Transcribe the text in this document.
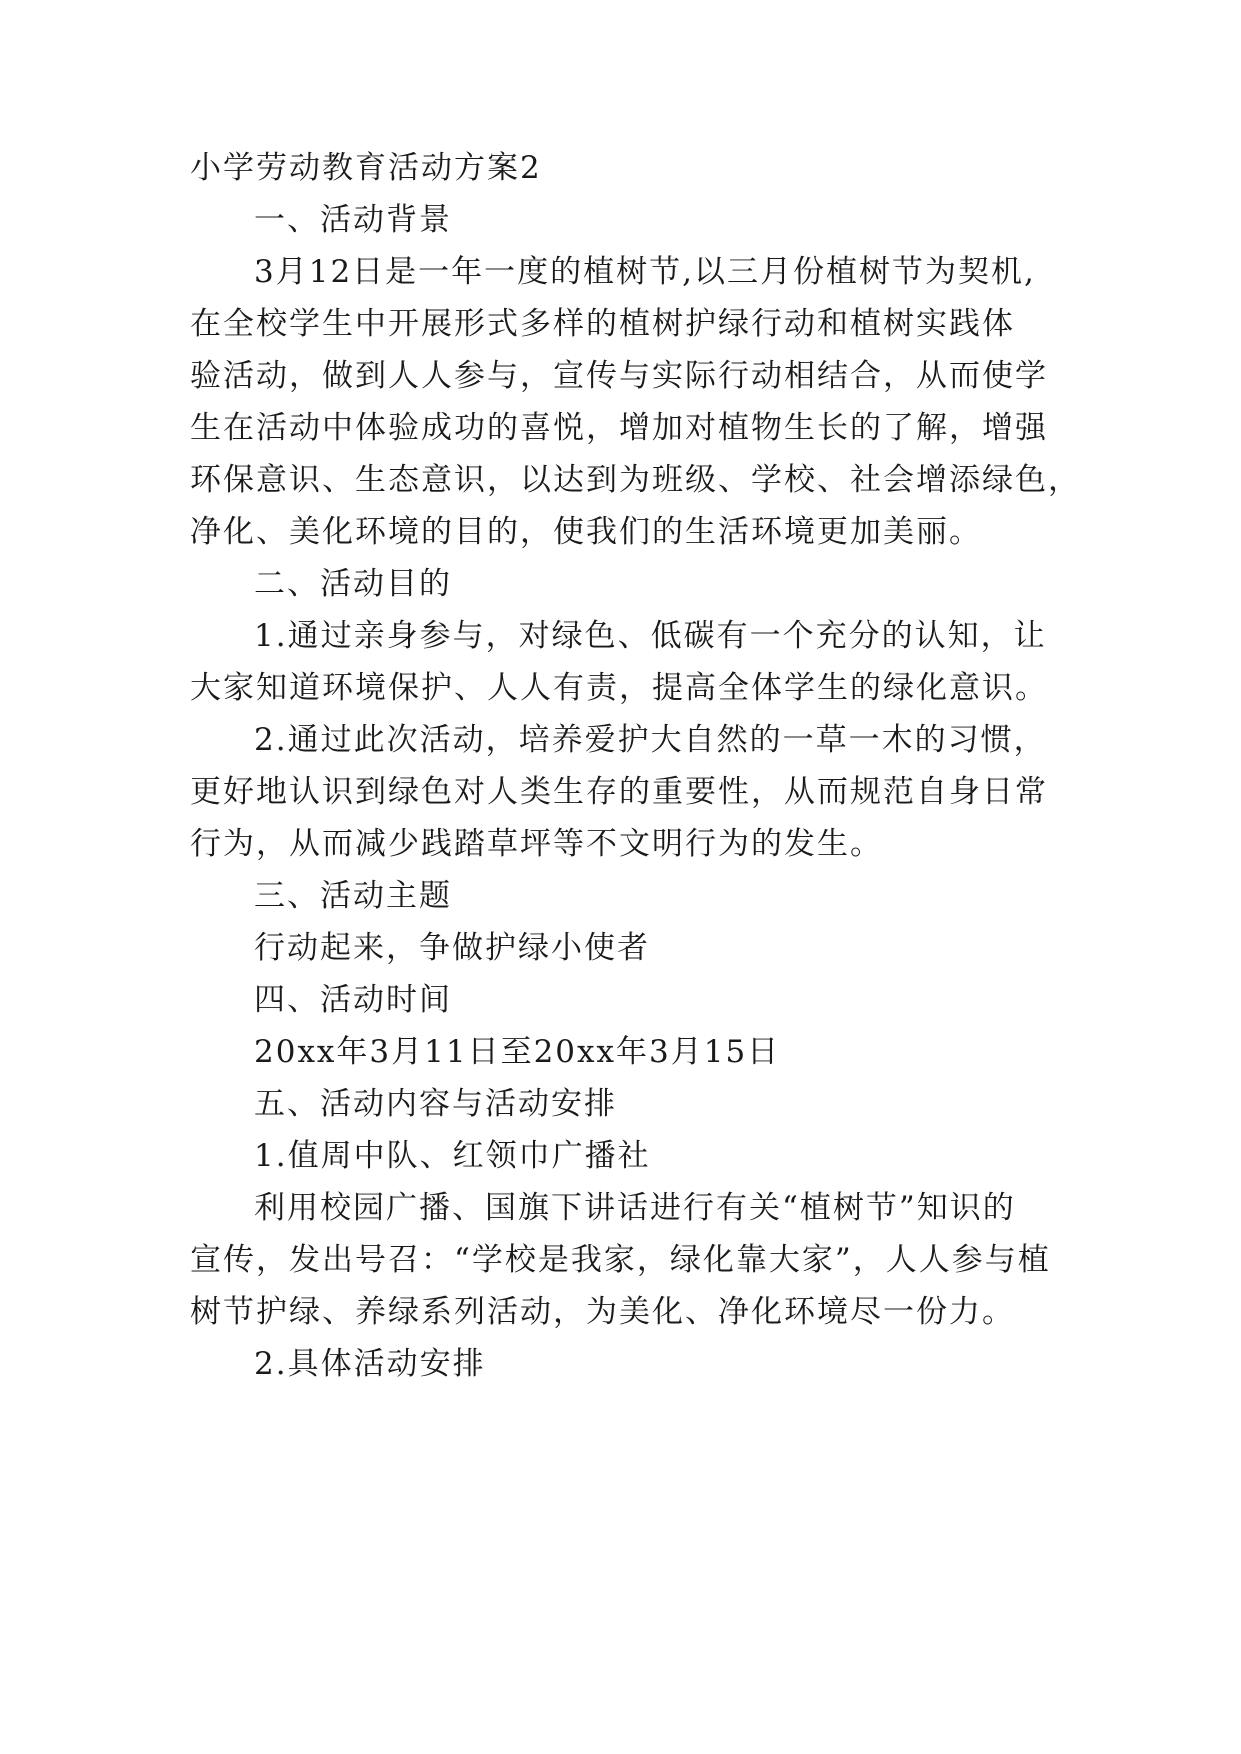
小学劳动教育活动方案2
一、活动背景
3月12日是一年一度的植树节,以三月份植树节为契机,
在全校学生中开展形式多样的植树护绿行动和植树实践体
验活动，做到人人参与，宣传与实际行动相结合，从而使学
生在活动中体验成功的喜悦，增加对植物生长的了解，增强
环保意识、生态意识，以达到为班级、学校、社会增添绿色，
净化、美化环境的目的，使我们的生活环境更加美丽。
二、活动目的
1.通过亲身参与，对绿色、低碳有一个充分的认知，让
大家知道环境保护、人人有责，提高全体学生的绿化意识。
2.通过此次活动，培养爱护大自然的一草一木的习惯，
更好地认识到绿色对人类生存的重要性，从而规范自身日常
行为，从而减少践踏草坪等不文明行为的发生。
三、活动主题
行动起来，争做护绿小使者
四、活动时间
20xx年3月11日至20xx年3月15日
五、活动内容与活动安排
1.值周中队、红领巾广播社
利用校园广播、国旗下讲话进行有关“植树节”知识的
宣传，发出号召：“学校是我家，绿化靠大家”，人人参与植
树节护绿、养绿系列活动，为美化、净化环境尽一份力。
2.具体活动安排
